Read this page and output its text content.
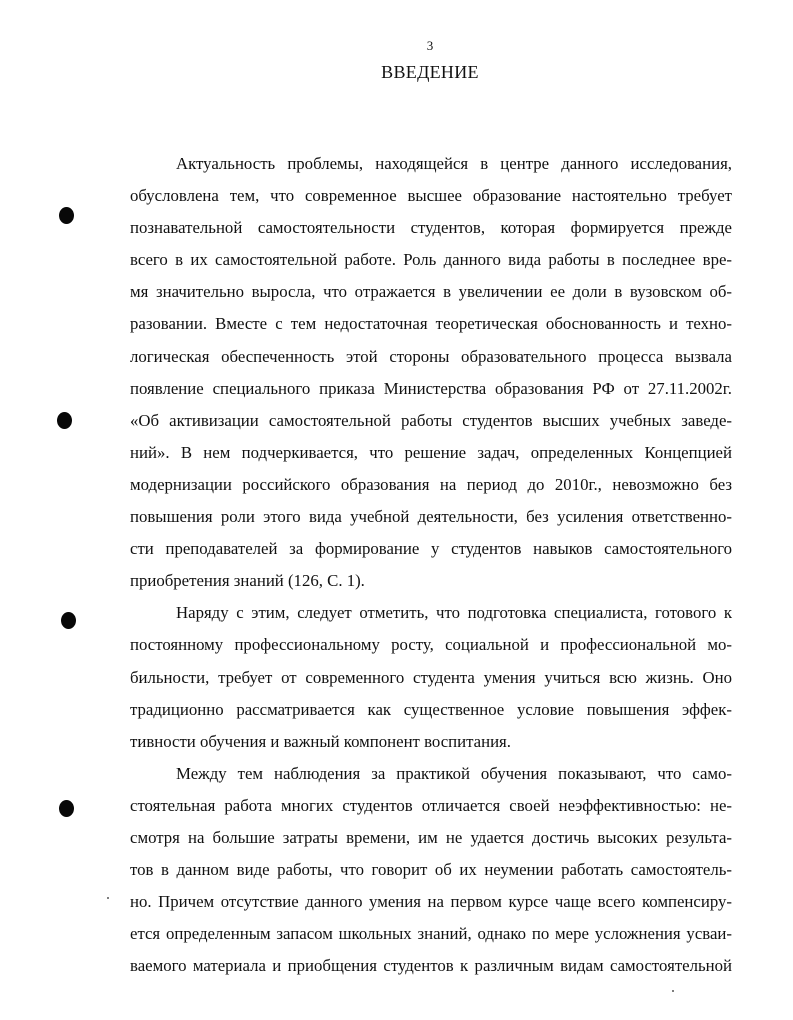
3
ВВЕДЕНИЕ
Актуальность проблемы, находящейся в центре данного исследования,
обусловлена тем, что современное высшее образование настоятельно требует
познавательной самостоятельности студентов, которая формируется прежде
всего в их самостоятельной работе. Роль данного вида работы в последнее вре-
мя значительно выросла, что отражается в увеличении ее доли в вузовском об-
разовании. Вместе с тем недостаточная теоретическая обоснованность и техно-
логическая обеспеченность этой стороны образовательного процесса вызвала
появление специального приказа Министерства образования РФ от 27.11.2002г.
«Об активизации самостоятельной работы студентов высших учебных заведе-
ний». В нем подчеркивается, что решение задач, определенных Концепцией
модернизации российского образования на период до 2010г., невозможно без
повышения роли этого вида учебной деятельности, без усиления ответственно-
сти преподавателей за формирование у студентов навыков самостоятельного
приобретения знаний (126, С. 1).
Наряду с этим, следует отметить, что подготовка специалиста, готового к
постоянному профессиональному росту, социальной и профессиональной мо-
бильности, требует от современного студента умения учиться всю жизнь. Оно
традиционно рассматривается как существенное условие повышения эффек-
тивности обучения и важный компонент воспитания.
Между тем наблюдения за практикой обучения показывают, что само-
стоятельная работа многих студентов отличается своей неэффективностью: не-
смотря на большие затраты времени, им не удается достичь высоких результа-
тов в данном виде работы, что говорит об их неумении работать самостоятель-
но. Причем отсутствие данного умения на первом курсе чаще всего компенсиру-
ется определенным запасом школьных знаний, однако по мере усложнения усваи-
ваемого материала и приобщения студентов к различным видам самостоятельной
